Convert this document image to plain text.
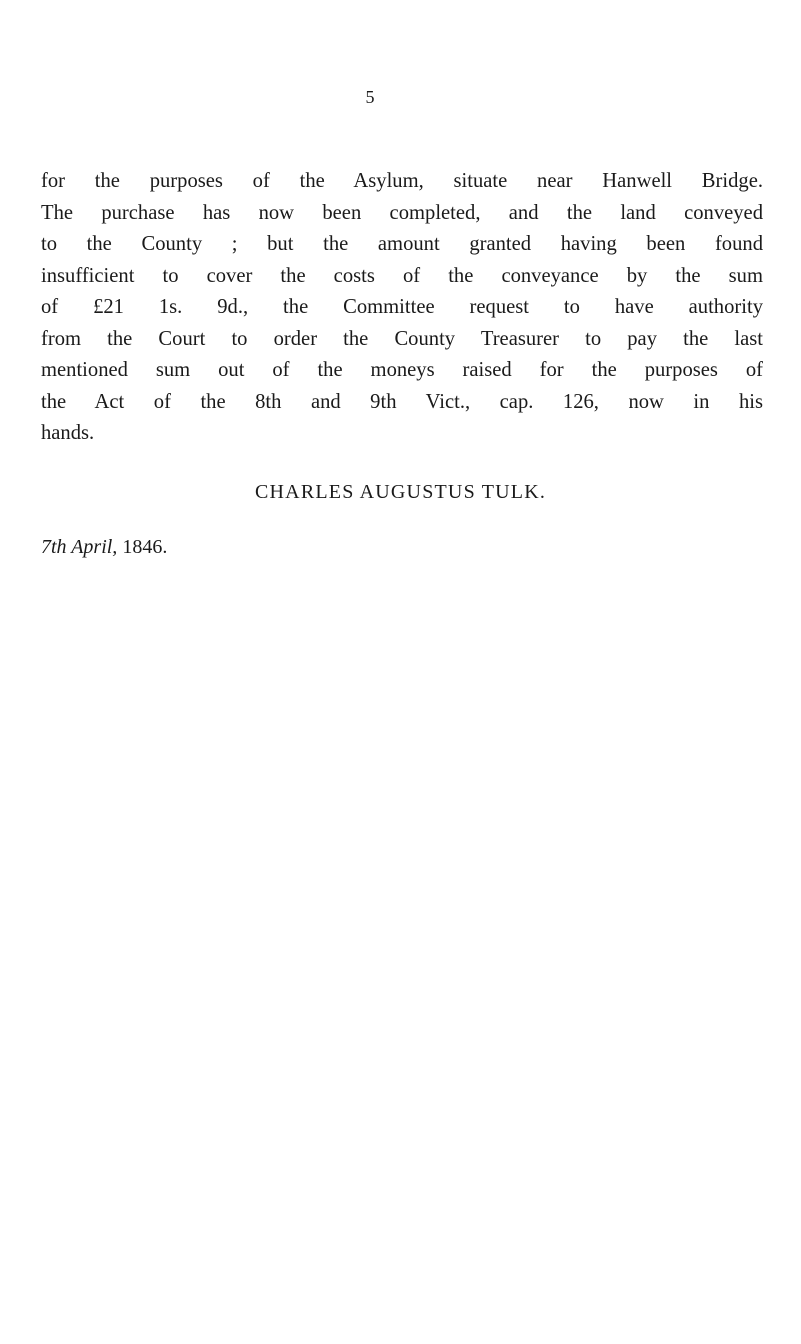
5
for the purposes of the Asylum, situate near Hanwell Bridge.
The purchase has now been completed, and the land conveyed
to the County ; but the amount granted having been found
insufficient to cover the costs of the conveyance by the sum
of £21 1s. 9d., the Committee request to have authority
from the Court to order the County Treasurer to pay the last
mentioned sum out of the moneys raised for the purposes of
the Act of the 8th and 9th Vict., cap. 126, now in his
hands.
CHARLES AUGUSTUS TULK.
7th April, 1846.
